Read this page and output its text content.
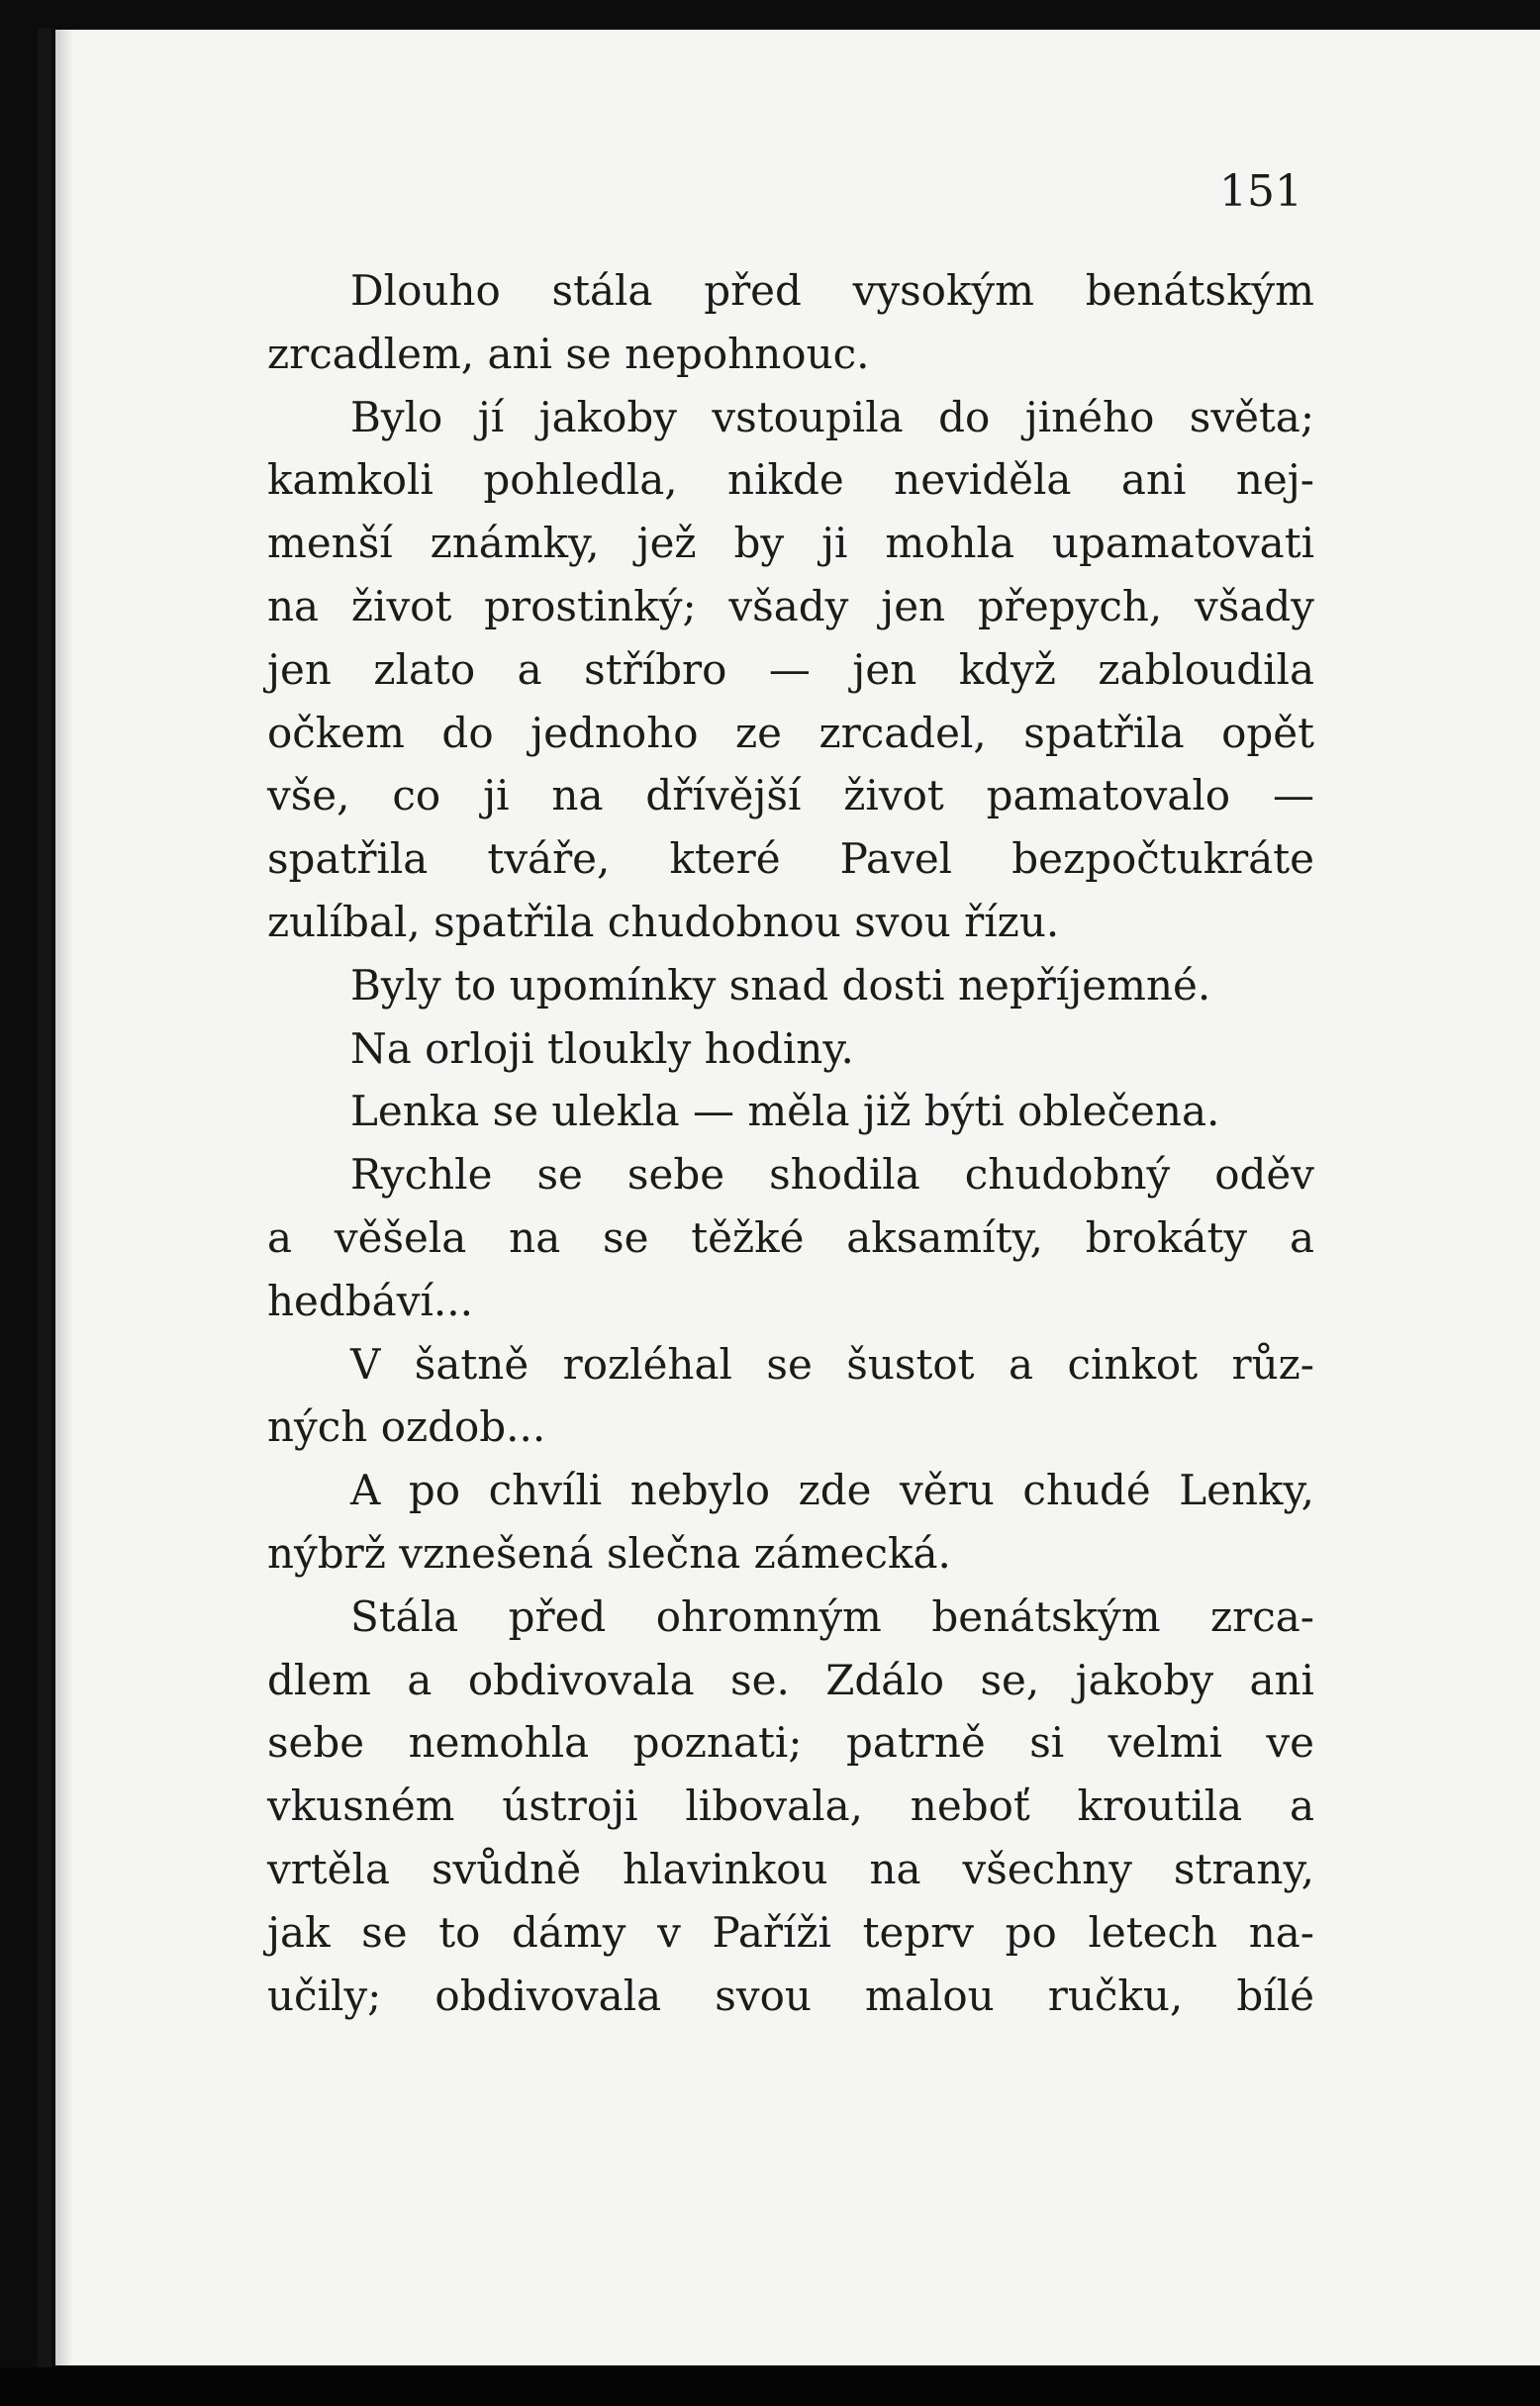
151

Dlouho stála před vysokým benátským
zrcadlem, ani se nepohnouc.
Bylo jí jakoby vstoupila do jiného světa;
kamkoli pohledla, nikde neviděla ani nej-
menší známky, jež by ji mohla upamatovati
na život prostinký; všady jen přepych, všady
jen zlato a stříbro — jen když zabloudila
očkem do jednoho ze zrcadel, spatřila opět
vše, co ji na dřívější život pamatovalo —
spatřila tváře, které Pavel bezpočtukráte
zulíbal, spatřila chudobnou svou řízu.
Byly to upomínky snad dosti nepříjemné.
Na orloji tloukly hodiny.
Lenka se ulekla — měla již býti oblečena.
Rychle se sebe shodila chudobný oděv
a věšela na se těžké aksamíty, brokáty a
hedbáví...
V šatně rozléhal se šustot a cinkot růz-
ných ozdob...
A po chvíli nebylo zde věru chudé Lenky,
nýbrž vznešená slečna zámecká.
Stála před ohromným benátským zrca-
dlem a obdivovala se. Zdálo se, jakoby ani
sebe nemohla poznati; patrně si velmi ve
vkusném ústroji libovala, neboť kroutila a
vrtěla svůdně hlavinkou na všechny strany,
jak se to dámy v Paříži teprv po letech na-
učily; obdivovala svou malou ručku, bílé
